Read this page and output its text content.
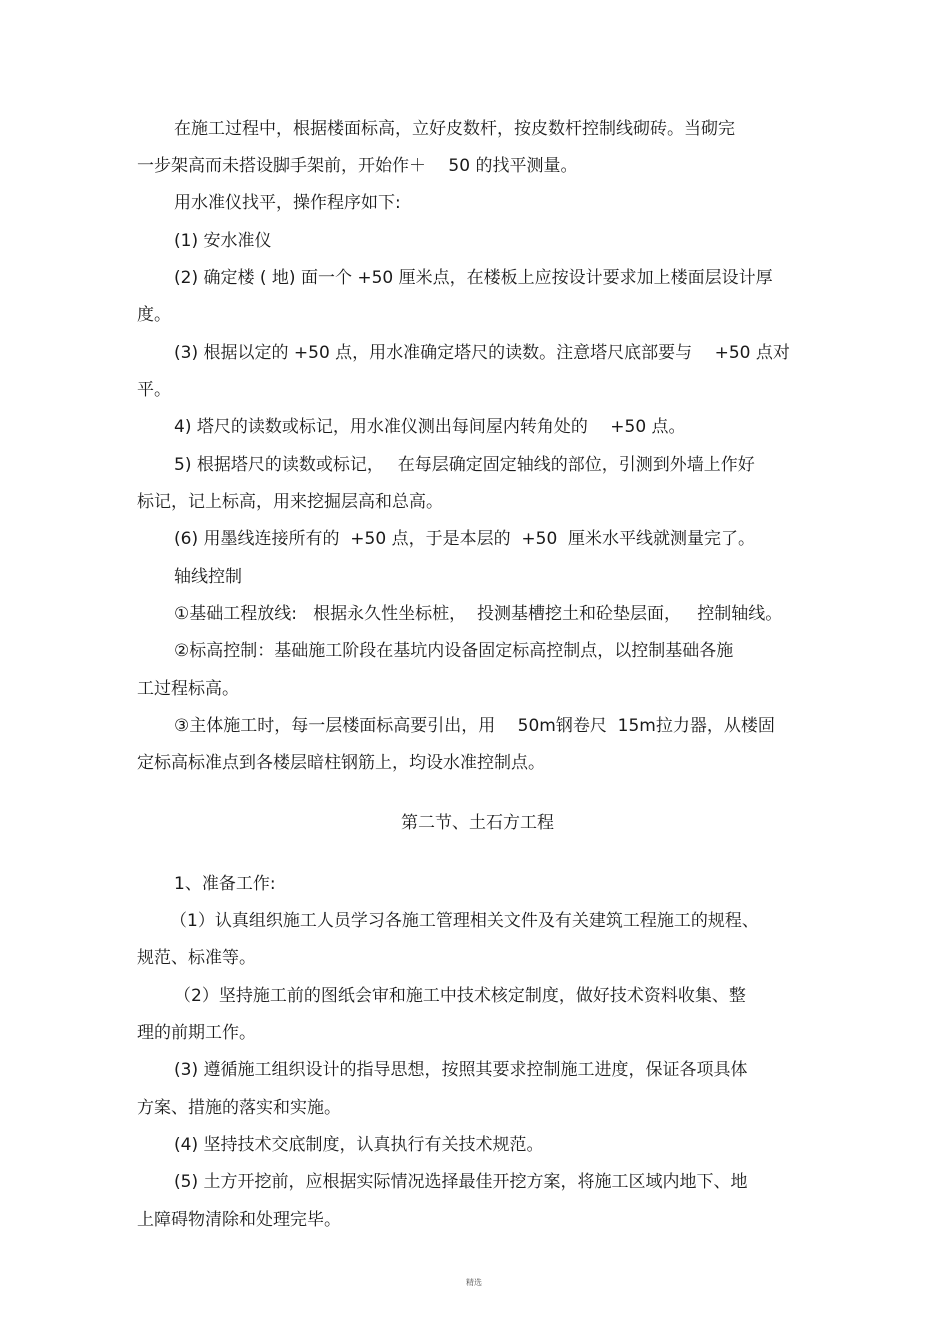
在施工过程中，根据楼面标高，立好皮数杆，按皮数杆控制线砌砖。当砌完
一步架高而未搭设脚手架前，开始作＋　 50 的找平测量。
用水准仪找平，操作程序如下:
(1) 安水准仪
(2) 确定楼 ( 地) 面一个 +50 厘米点，在楼板上应按设计要求加上楼面层设计厚
度。
(3) 根据以定的 +50 点，用水准确定塔尺的读数。注意塔尺底部要与　 +50 点对
平。
4) 塔尺的读数或标记，用水准仪测出每间屋内转角处的　 +50 点。
5) 根据塔尺的读数或标记，　 在每层确定固定轴线的部位，引测到外墙上作好
标记，记上标高，用来挖掘层高和总高。
(6) 用墨线连接所有的  +50 点，于是本层的  +50  厘米水平线就测量完了。
轴线控制
①基础工程放线:   根据永久性坐标桩，  投测基槽挖土和砼垫层面，   控制轴线。
②标高控制：基础施工阶段在基坑内设备固定标高控制点，以控制基础各施
工过程标高。
③主体施工时，每一层楼面标高要引出，用　 50m钢卷尺  15m拉力器，从楼固
定标高标准点到各楼层暗柱钢筋上，均设水准控制点。
第二节、土石方工程
1、准备工作:
（1）认真组织施工人员学习各施工管理相关文件及有关建筑工程施工的规程、
规范、标准等。
（2）坚持施工前的图纸会审和施工中技术核定制度，做好技术资料收集、整
理的前期工作。
(3) 遵循施工组织设计的指导思想，按照其要求控制施工进度，保证各项具体
方案、措施的落实和实施。
(4) 坚持技术交底制度，认真执行有关技术规范。
(5) 土方开挖前，应根据实际情况选择最佳开挖方案，将施工区域内地下、地
上障碍物清除和处理完毕。
精选
